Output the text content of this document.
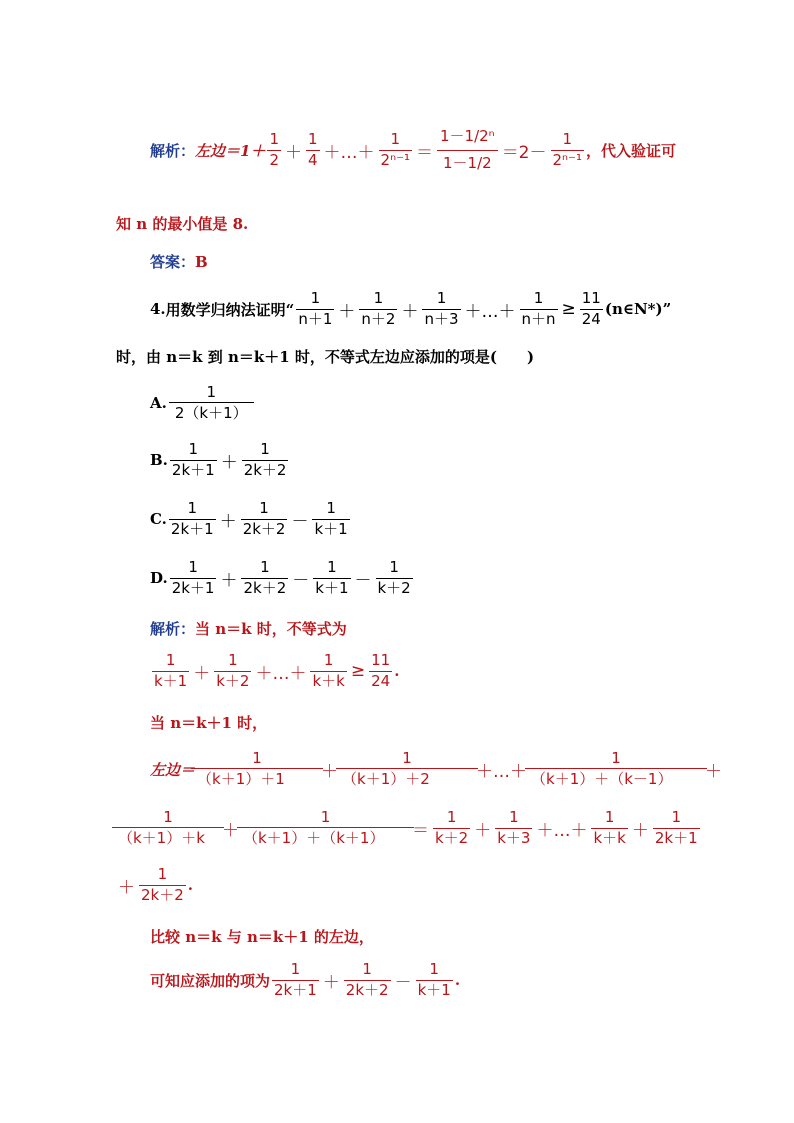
解析： 左边$=1+ \frac{1}{2} + \frac{1}{4}$ ＋…＋ $\frac{1}{\text{2ⁿ⁻¹}} = \frac{\text{1－1/2ⁿ}}{1-1/2} =2- \frac{1}{\text{2ⁿ⁻¹}}$ ，代入验证可
知 n 的最小值是 8.
答案： B
4. 用数学归纳法证明“ $\frac{1}{n+1} + \frac{1}{n+2} + \frac{1}{n+3}$ ＋…＋ $\frac{1}{n+n} \ge \frac{11}{24}$ (n∈N*)”
时，由 n＝k 到 n＝k＋1 时，不等式左边应添加的项是(　　)
A. $\frac{1}{2(k+1)}$
B. $\frac{1}{2k+1} + \frac{1}{2k+2}$
C. $\frac{1}{2k+1} + \frac{1}{2k+2} - \frac{1}{k+1}$
D. $\frac{1}{2k+1} + \frac{1}{2k+2} - \frac{1}{k+1} - \frac{1}{k+2}$
解析： 当 n＝k 时，不等式为
$\frac{1}{k+1} + \frac{1}{k+2}$ ＋…＋ $\frac{1}{k+k} \ge \frac{11}{24}$ .
当 n＝k＋1 时，
左边＝ $\frac{1}{(k+1)+1} + \frac{1}{(k+1)+2}$ ＋…＋ $\frac{1}{(k+1)+(k-1)}$ ＋
$\frac{1}{(k+1)+k} + \frac{1}{(k+1)+(k+1)} = \frac{1}{k+2} + \frac{1}{k+3}$ ＋…＋ $\frac{1}{k+k} + \frac{1}{2k+1}$
＋ $\frac{1}{2k+2}$ .
比较 n＝k 与 n＝k＋1 的左边，
可知应添加的项为 $\frac{1}{2k+1} + \frac{1}{2k+2} - \frac{1}{k+1}$ .
